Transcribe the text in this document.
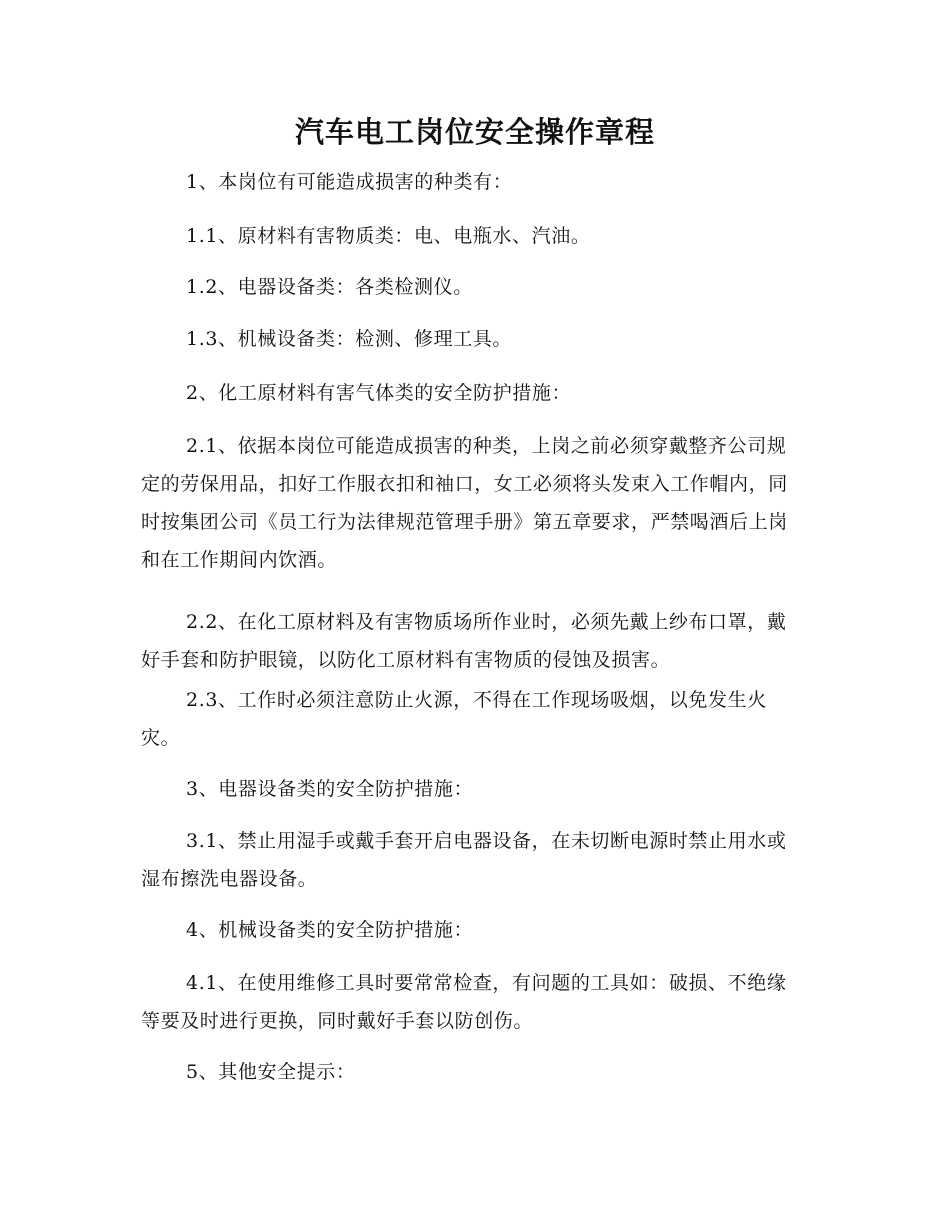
汽车电工岗位安全操作章程
1、本岗位有可能造成损害的种类有：
1.1、原材料有害物质类：电、电瓶水、汽油。
1.2、电器设备类：各类检测仪。
1.3、机械设备类：检测、修理工具。
2、化工原材料有害气体类的安全防护措施：
2.1、依据本岗位可能造成损害的种类，上岗之前必须穿戴整齐公司规定的劳保用品，扣好工作服衣扣和袖口，女工必须将头发束入工作帽内，同时按集团公司《员工行为法律规范管理手册》第五章要求，严禁喝酒后上岗和在工作期间内饮酒。
2.2、在化工原材料及有害物质场所作业时，必须先戴上纱布口罩，戴好手套和防护眼镜，以防化工原材料有害物质的侵蚀及损害。
2.3、工作时必须注意防止火源，不得在工作现场吸烟，以免发生火灾。
3、电器设备类的安全防护措施：
3.1、禁止用湿手或戴手套开启电器设备，在未切断电源时禁止用水或湿布擦洗电器设备。
4、机械设备类的安全防护措施：
4.1、在使用维修工具时要常常检查，有问题的工具如：破损、不绝缘等要及时进行更换，同时戴好手套以防创伤。
5、其他安全提示：
